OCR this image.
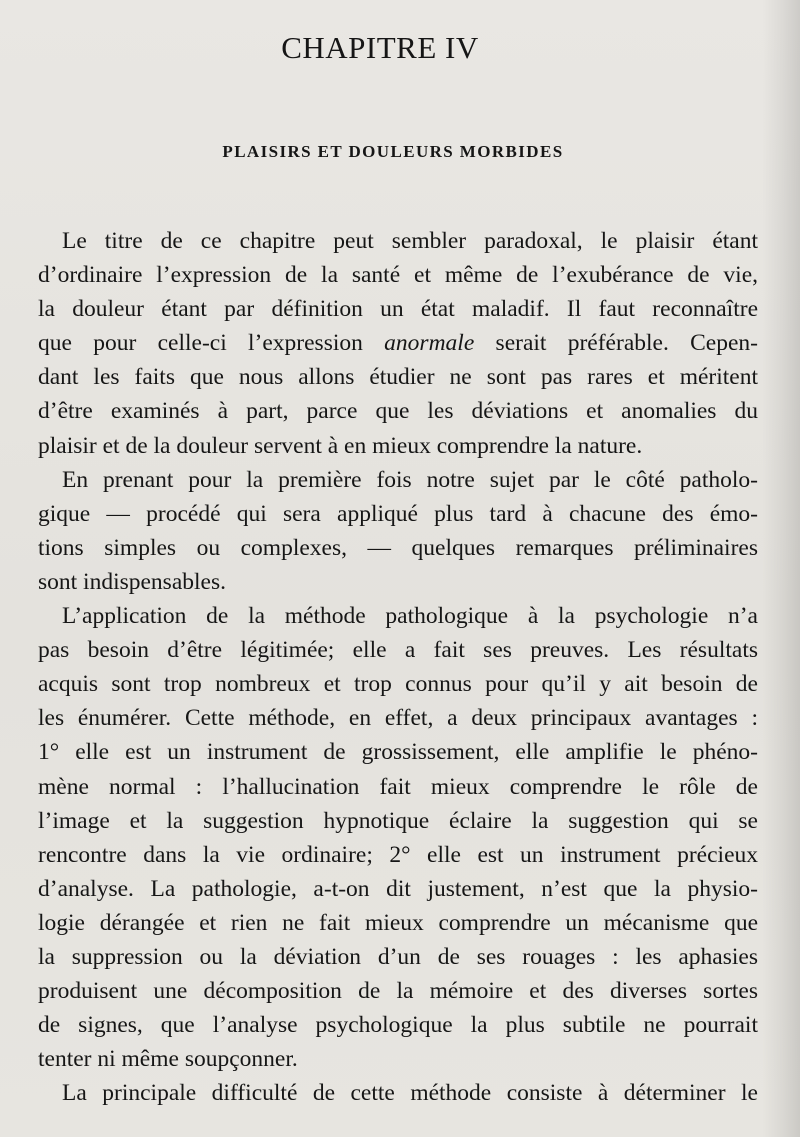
CHAPITRE IV
PLAISIRS ET DOULEURS MORBIDES
Le titre de ce chapitre peut sembler paradoxal, le plaisir étant
d’ordinaire l’expression de la santé et même de l’exubérance de vie,
la douleur étant par définition un état maladif. Il faut reconnaître
que pour celle-ci l’expression anormale serait préférable. Cepen-
dant les faits que nous allons étudier ne sont pas rares et méritent
d’être examinés à part, parce que les déviations et anomalies du
plaisir et de la douleur servent à en mieux comprendre la nature.
En prenant pour la première fois notre sujet par le côté patholo-
gique — procédé qui sera appliqué plus tard à chacune des émo-
tions simples ou complexes, — quelques remarques préliminaires
sont indispensables.
L’application de la méthode pathologique à la psychologie n’a
pas besoin d’être légitimée; elle a fait ses preuves. Les résultats
acquis sont trop nombreux et trop connus pour qu’il y ait besoin de
les énumérer. Cette méthode, en effet, a deux principaux avantages :
1° elle est un instrument de grossissement, elle amplifie le phéno-
mène normal : l’hallucination fait mieux comprendre le rôle de
l’image et la suggestion hypnotique éclaire la suggestion qui se
rencontre dans la vie ordinaire; 2° elle est un instrument précieux
d’analyse. La pathologie, a-t-on dit justement, n’est que la physio-
logie dérangée et rien ne fait mieux comprendre un mécanisme que
la suppression ou la déviation d’un de ses rouages : les aphasies
produisent une décomposition de la mémoire et des diverses sortes
de signes, que l’analyse psychologique la plus subtile ne pourrait
tenter ni même soupçonner.
La principale difficulté de cette méthode consiste à déterminer le
